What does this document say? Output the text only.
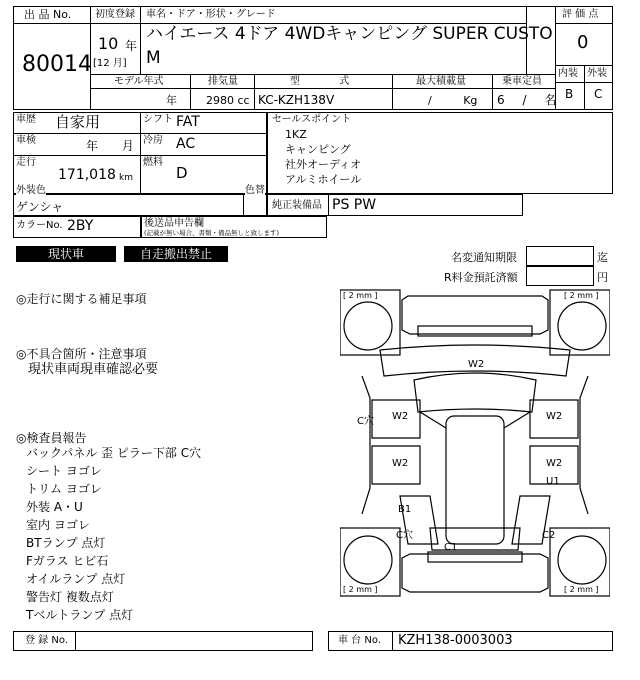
出 品 No.
80014
初度登録
10 年
[12 月]
車名・ドア・形状・グレード
ハイエース 4ドア 4WDキャンピング SUPER CUSTO
M
評 価 点
0
内装 外装
B C
モデル年式
年
排気量
2980 cc
型 式
KC-KZH138V
最大積載量
/ Kg
乗車定員
6 / 名
車歴 自家用	シフト FAT
車検	年 月 冷房 AC
走行
171,018 km
燃料
D
セールスポイント
1KZ
キャンピング
社外オーディオ
アルミホイール
外装色
ゲンシャ
色替
純正装備品 PS PW
カラーNo. 2BY	後送品申告欄
(記載が無い場合、書類・備品無しと致します)
現状車	自走搬出禁止	名変通知期限	迄
R料金預託済額	円
◎走行に関する補足事項
◎不具合箇所・注意事項
現状車両現車確認必要
◎検査員報告
バックパネル 歪 ピラー下部 C穴
シート ヨゴレ
トリム ヨゴレ
外装 A・U
室内 ヨゴレ
BTランプ 点灯
Fガラス ヒビ石
オイルランプ 点灯
警告灯 複数点灯
Tベルトランプ 点灯
[ 2 mm ]	[ 2 mm ]
[ 2 mm ]	[ 2 mm ]
W2
C穴 W2	W2
W2	W2
U1
B1
C穴
C1
C2
登 録 No.	車 台 No. KZH138-0003003
